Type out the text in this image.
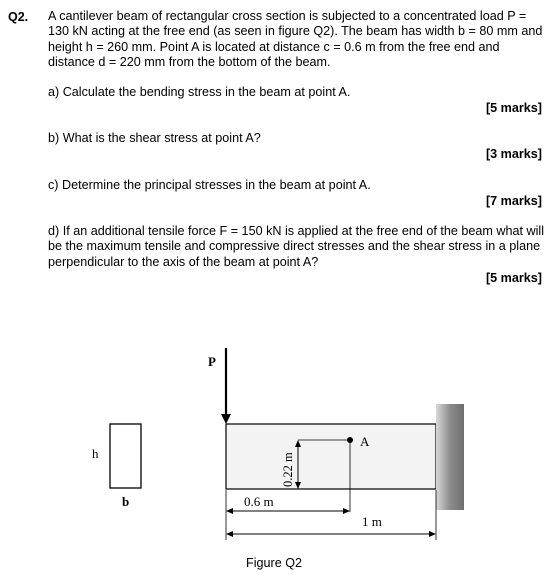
Q2. A cantilever beam of rectangular cross section is subjected to a concentrated load P = 130 kN acting at the free end (as seen in figure Q2). The beam has width b = 80 mm and height h = 260 mm. Point A is located at distance c = 0.6 m from the free end and distance d = 220 mm from the bottom of the beam.
a) Calculate the bending stress in the beam at point A.
[5 marks]
b) What is the shear stress at point A?
[3 marks]
c) Determine the principal stresses in the beam at point A.
[7 marks]
d) If an additional tensile force F = 150 kN is applied at the free end of the beam what will be the maximum tensile and compressive direct stresses and the shear stress in a plane perpendicular to the axis of the beam at point A?
[5 marks]
h
b
P
A
0.22 m
0.6 m
1 m
Figure Q2
